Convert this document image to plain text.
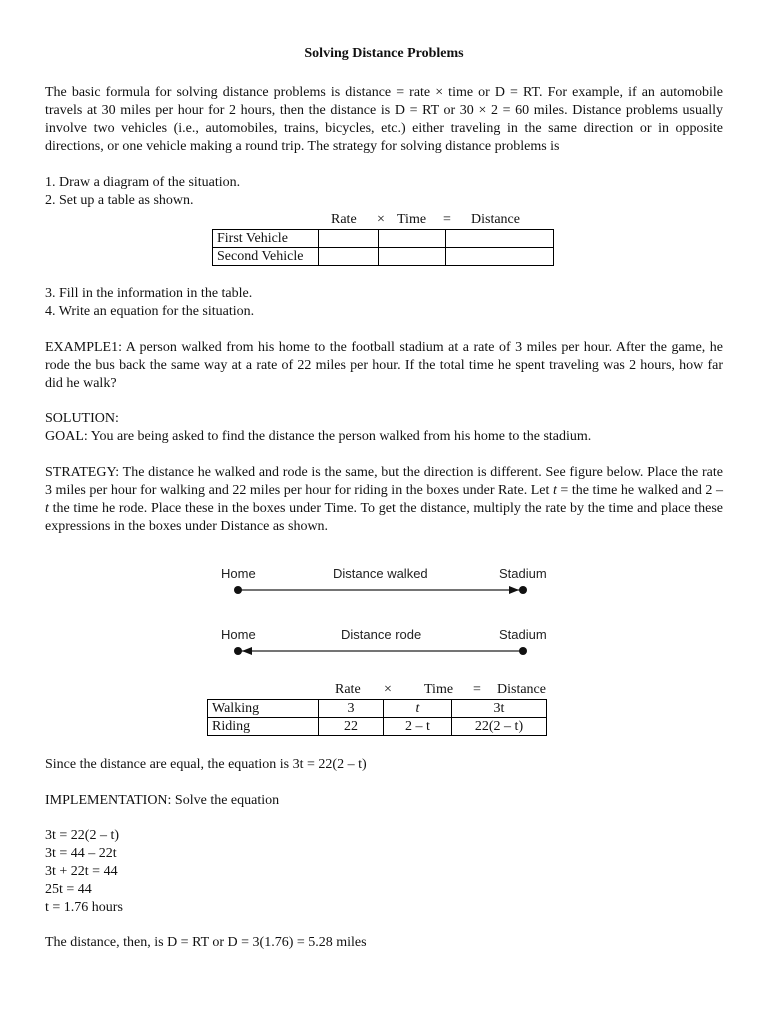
Solving Distance Problems
The basic formula for solving distance problems is distance = rate × time or D = RT. For example, if an automobile travels at 30 miles per hour for 2 hours, then the distance is D = RT or 30 × 2 = 60 miles. Distance problems usually involve two vehicles (i.e., automobiles, trains, bicycles, etc.) either traveling in the same direction or in opposite directions, or one vehicle making a round trip. The strategy for solving distance problems is
1. Draw a diagram of the situation.
2. Set up a table as shown.
Rate × Time = Distance
First Vehicle			
Second Vehicle			
3. Fill in the information in the table.
4. Write an equation for the situation.
EXAMPLE1: A person walked from his home to the football stadium at a rate of 3 miles per hour. After the game, he rode the bus back the same way at a rate of 22 miles per hour. If the total time he spent traveling was 2 hours, how far did he walk?
SOLUTION:
GOAL: You are being asked to find the distance the person walked from his home to the stadium.
STRATEGY: The distance he walked and rode is the same, but the direction is different. See figure below. Place the rate 3 miles per hour for walking and 22 miles per hour for riding in the boxes under Rate. Let t = the time he walked and 2 – t the time he rode. Place these in the boxes under Time. To get the distance, multiply the rate by the time and place these expressions in the boxes under Distance as shown.
Home	Distance walked	Stadium
Home	Distance rode	Stadium
Rate × Time = Distance
Walking	3	t	3t
Riding	22	2 – t	22(2 – t)
Since the distance are equal, the equation is 3t = 22(2 – t)
IMPLEMENTATION: Solve the equation
3t = 22(2 – t)
3t = 44 – 22t
3t + 22t = 44
25t = 44
t = 1.76 hours
The distance, then, is D = RT or D = 3(1.76) = 5.28 miles
